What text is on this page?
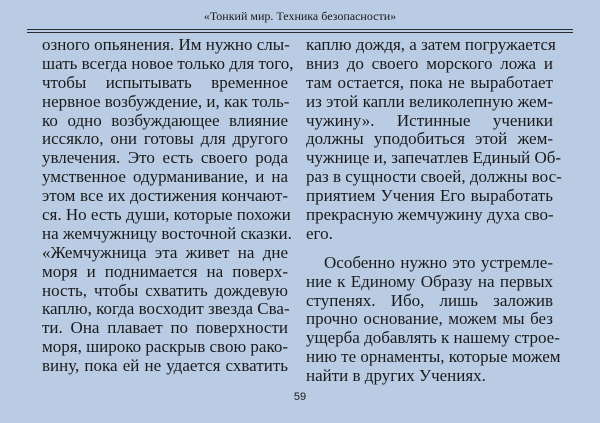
«Тонкий мир. Техника безопасности»
озного опьянения. Им нужно слы-
шать всегда новое только для того,
чтобы испытывать временное
нервное возбуждение, и, как толь-
ко одно возбуждающее влияние
иссякло, они готовы для другого
увлечения. Это есть своего рода
умственное одурманивание, и на
этом все их достижения кончают-
ся. Но есть души, которые похожи
на жемчужницу восточной сказки.
«Жемчужница эта живет на дне
моря и поднимается на поверх-
ность, чтобы схватить дождевую
каплю, когда восходит звезда Сва-
ти. Она плавает по поверхности
моря, широко раскрыв свою рако-
вину, пока ей не удается схватить
каплю дождя, а затем погружается
вниз до своего морского ложа и
там остается, пока не выработает
из этой капли великолепную жем-
чужину». Истинные ученики
должны уподобиться этой жем-
чужнице и, запечатлев Единый Об-
раз в сущности своей, должны вос-
приятием Учения Его выработать
прекрасную жемчужину духа сво-
его.
Особенно нужно это устремле-
ние к Единому Образу на первых
ступенях. Ибо, лишь заложив
прочно основание, можем мы без
ущерба добавлять к нашему строе-
нию те орнаменты, которые можем
найти в других Учениях.
59
